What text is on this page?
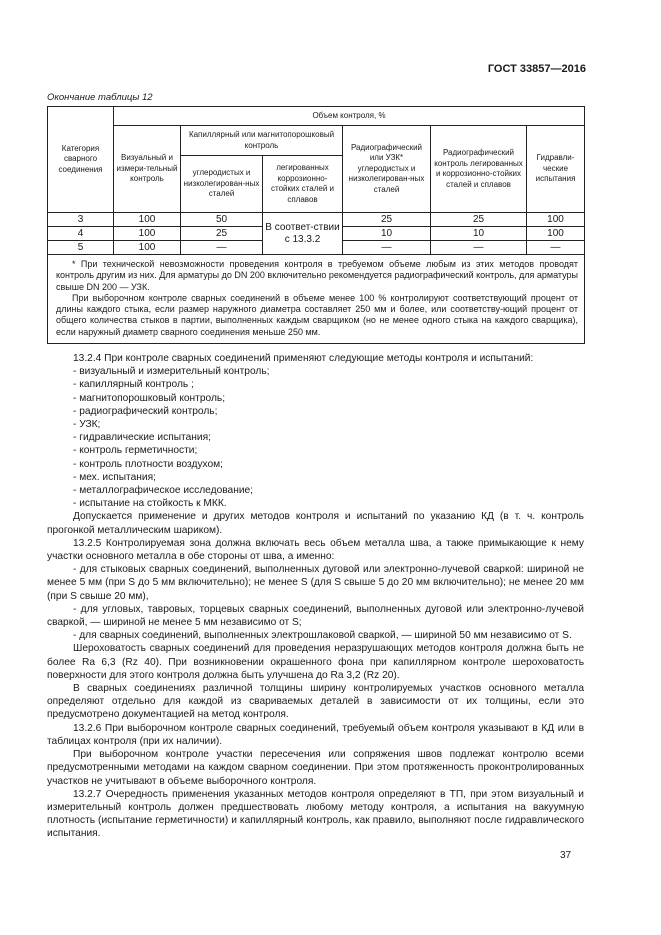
ГОСТ 33857—2016
Окончание таблицы 12
Категория сварного соединения	Объем контроля, %					
	Визуальный и измери-тельный контроль	Капиллярный или магнитопорошковый контроль		Радиографический или УЗК* углеродистых и низколегирован-ных сталей	Радиографический контроль легированных и коррозионно-стойких сталей и сплавов	Гидравли-ческие испытания
		углеродистых и низколегирован-ных сталей	легированных коррозионно-стойких сталей и сплавов			
3	100	50	В соответ-ствии с 13.3.2	25	25	100
4	100	25		10	10	100
5	100	—		—	—	—

* При технической невозможности проведения контроля в требуемом объеме любым из этих методов проводят контроль другим из них. Для арматуры до DN 200 включительно рекомендуется радиографический контроль, для арматуры свыше DN 200 — УЗК.

При выборочном контроле сварных соединений в объеме менее 100 % контролируют соответствующий процент от длины каждого стыка, если размер наружного диаметра составляет 250 мм и более, или соответству-ющий процент от общего количества стыков в партии, выполненных каждым сварщиком (но не менее одного стыка на каждого сварщика), если наружный диаметр сварного соединения меньше 250 мм.						

13.2.4 При контроле сварных соединений применяют следующие методы контроля и испытаний:

- визуальный и измерительный контроль;

- капиллярный контроль ;

- магнитопорошковый контроль;

- радиографический контроль;

- УЗК;

- гидравлические испытания;

- контроль герметичности;

- контроль плотности воздухом;

- мех. испытания;

- металлографическое исследование;

- испытание на стойкость к МКК.

Допускается применение и других методов контроля и испытаний по указанию КД (в т. ч. контроль прогонкой металлическим шариком).

13.2.5 Контролируемая зона должна включать весь объем металла шва, а также примыкающие к нему участки основного металла в обе стороны от шва, а именно:

- для стыковых сварных соединений, выполненных дуговой или электронно-лучевой сваркой: шириной не менее 5 мм (при S до 5 мм включительно); не менее S (для S свыше 5 до 20 мм включительно); не менее 20 мм (при S свыше 20 мм),

- для угловых, тавровых, торцевых сварных соединений, выполненных дуговой или электронно-лучевой сваркой, — шириной не менее 5 мм независимо от S;

- для сварных соединений, выполненных электрошлаковой сваркой, — шириной 50 мм независимо от S.

Шероховатость сварных соединений для проведения неразрушающих методов контроля должна быть не более Ra 6,3 (Rz 40). При возникновении окрашенного фона при капиллярном контроле шероховатость поверхности для этого контроля должна быть улучшена до Ra 3,2 (Rz 20).

В сварных соединениях различной толщины ширину контролируемых участков основного металла определяют отдельно для каждой из свариваемых деталей в зависимости от их толщины, если это предусмотрено документацией на метод контроля.

13.2.6 При выборочном контроле сварных соединений, требуемый объем контроля указывают в КД или в таблицах контроля (при их наличии).

При выборочном контроле участки пересечения или сопряжения швов подлежат контролю всеми предусмотренными методами на каждом сварном соединении. При этом протяженность проконтролированных участков не учитывают в объеме выборочного контроля.

13.2.7 Очередность применения указанных методов контроля определяют в ТП, при этом визуальный и измерительный контроль должен предшествовать любому методу контроля, а испытания на вакуумную плотность (испытание герметичности) и капиллярный контроль, как правило, выполняют после гидравлического испытания.

37
